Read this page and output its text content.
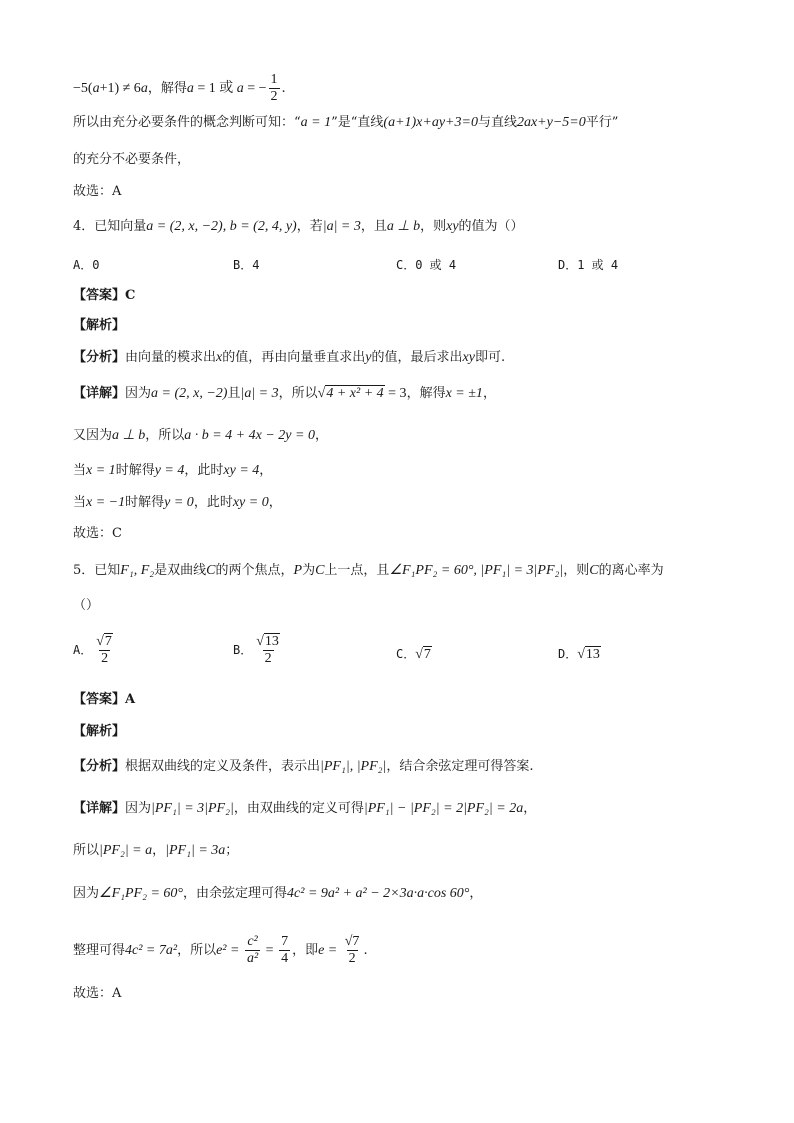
−5(a+1) ≠ 6a，解得a = 1 或 a = − $\frac{1}{2}$ .
所以由充分必要条件的概念判断可知：“a = 1”是“直线(a+1)x+ay+3=0与直线2ax+y−5=0平行”
的充分不必要条件，
故选：A
4．已知向量a = (2, x, −2), b = (2, 4, y)，若|a| = 3，且a ⊥ b，则xy的值为（）
A．0	B．4	C．0 或 4	D．1 或 4
【答案】C
【解析】
【分析】由向量的模求出x的值，再由向量垂直求出y的值，最后求出xy即可.
【详解】因为a = (2, x, −2)且|a| = 3，所以√4 + x² + 4 = 3，解得x = ±1，
又因为a ⊥ b，所以a · b = 4 + 4x − 2y = 0，
当x = 1时解得y = 4，此时xy = 4，
当x = −1时解得y = 0，此时xy = 0，
故选：C
5．已知F₁, F₂是双曲线C的两个焦点，P为C上一点，且∠F₁PF₂ = 60°, |PF₁| = 3|PF₂|，则C的离心率为
（）
A． $\frac{√7}{2}$	B． $\frac{√13}{2}$	C．√7	D．√13
【答案】A
【解析】
【分析】根据双曲线的定义及条件，表示出|PF₁|, |PF₂|，结合余弦定理可得答案.
【详解】因为|PF₁| = 3|PF₂|，由双曲线的定义可得|PF₁| − |PF₂| = 2|PF₂| = 2a，
所以|PF₂| = a，|PF₁| = 3a；
因为∠F₁PF₂ = 60°，由余弦定理可得4c² = 9a² + a² − 2×3a·a·cos 60°，
整理可得4c² = 7a²，所以$e^2 = \frac{\text{c²}}{\text{a²}} = \frac{7}{4}$ ，即$e = \frac{√7}{2}$ .
故选：A
